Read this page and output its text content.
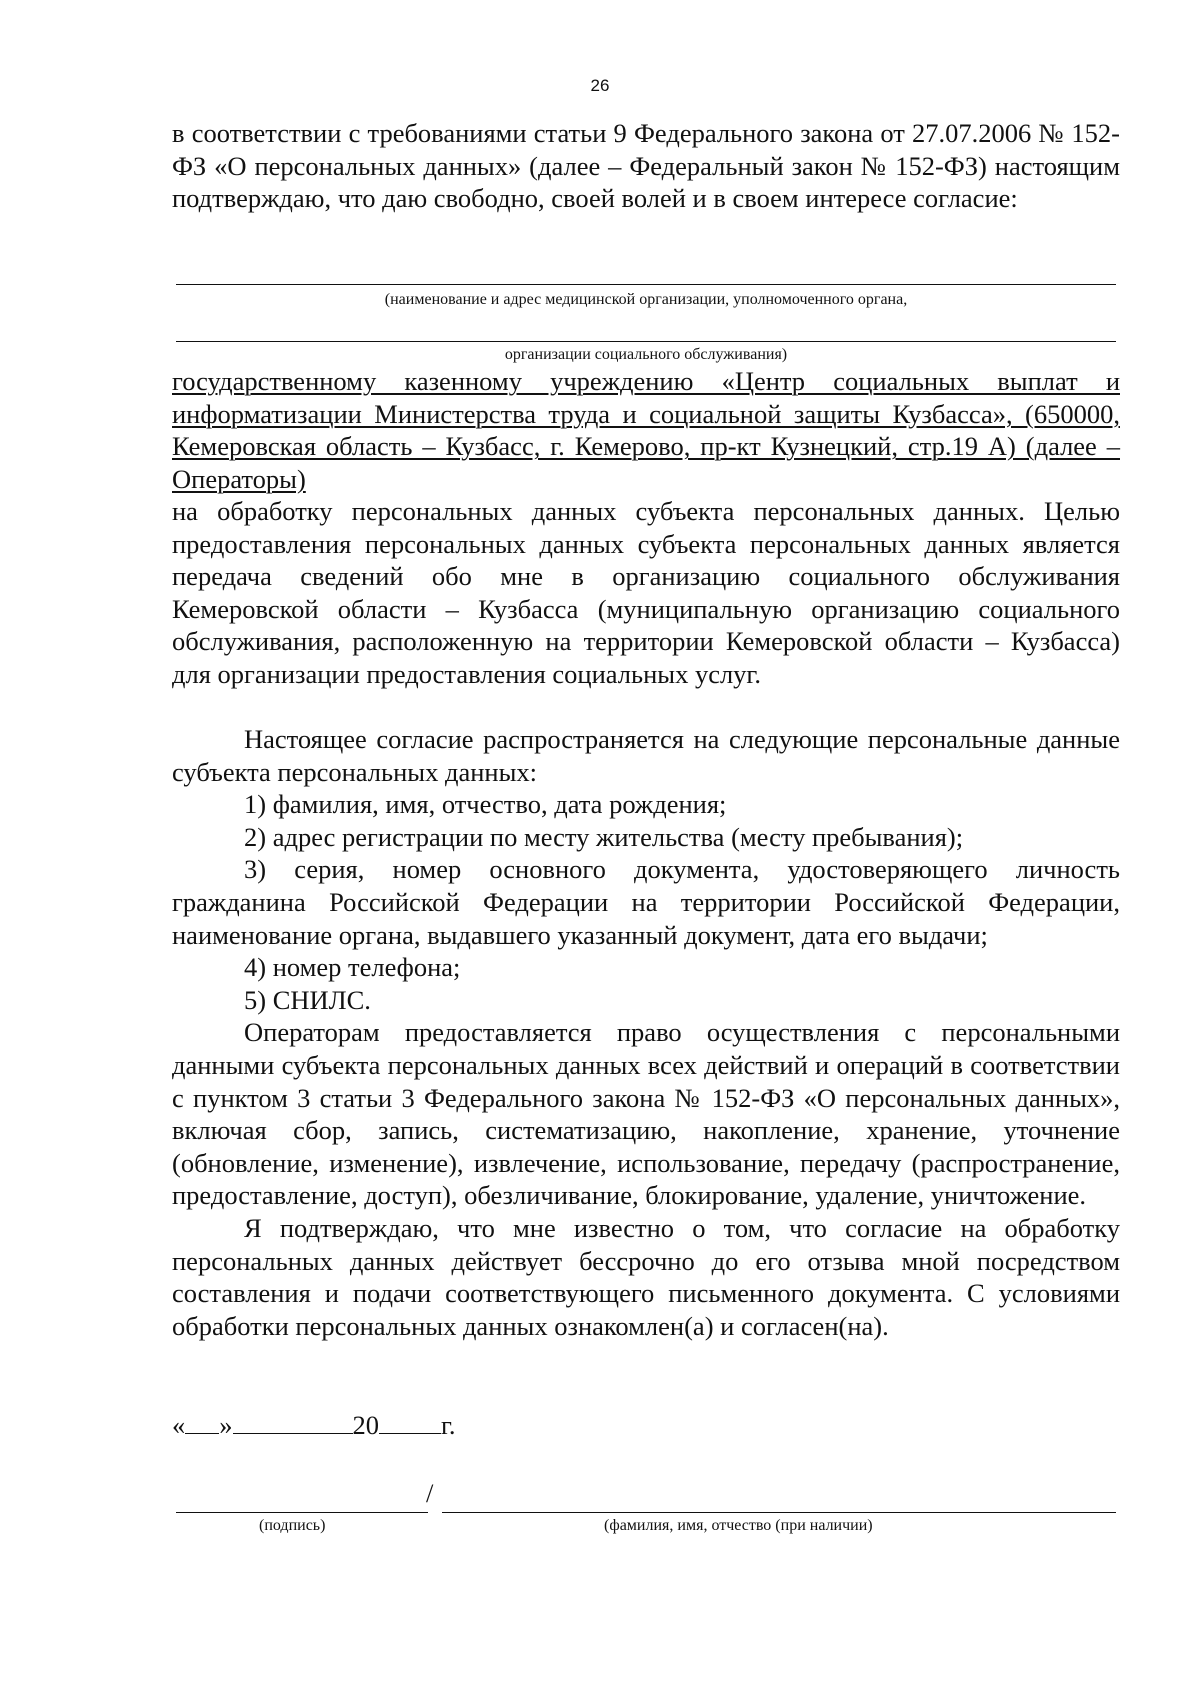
26

в соответствии с требованиями статьи 9 Федерального закона от 27.07.2006 № 152-ФЗ «О персональных данных» (далее – Федеральный закон № 152-ФЗ) настоящим подтверждаю, что даю свободно, своей волей и в своем интересе согласие:

(наименование и адрес медицинской организации, уполномоченного органа,
организации социального обслуживания)

государственному казенному учреждению «Центр социальных выплат и информатизации Министерства труда и социальной защиты Кузбасса», (650000, Кемеровская область – Кузбасс, г. Кемерово, пр-кт Кузнецкий, стр.19 А) (далее – Операторы)

на обработку персональных данных субъекта персональных данных. Целью предоставления персональных данных субъекта персональных данных является передача сведений обо мне в организацию социального обслуживания Кемеровской области – Кузбасса (муниципальную организацию социального обслуживания, расположенную на территории Кемеровской области – Кузбасса) для организации предоставления социальных услуг.

Настоящее согласие распространяется на следующие персональные данные субъекта персональных данных:

1) фамилия, имя, отчество, дата рождения;

2) адрес регистрации по месту жительства (месту пребывания);

3) серия, номер основного документа, удостоверяющего личность гражданина Российской Федерации на территории Российской Федерации, наименование органа, выдавшего указанный документ, дата его выдачи;

4) номер телефона;

5) СНИЛС.

Операторам предоставляется право осуществления с персональными данными субъекта персональных данных всех действий и операций в соответствии с пунктом 3 статьи 3 Федерального закона № 152-ФЗ «О персональных данных», включая сбор, запись, систематизацию, накопление, хранение, уточнение (обновление, изменение), извлечение, использование, передачу (распространение, предоставление, доступ), обезличивание, блокирование, удаление, уничтожение.

Я подтверждаю, что мне известно о том, что согласие на обработку персональных данных действует бессрочно до его отзыва мной посредством составления и подачи соответствующего письменного документа. С условиями обработки персональных данных ознакомлен(а) и согласен(на).

« »	20 г.
/
(подпись)	(фамилия, имя, отчество (при наличии)
